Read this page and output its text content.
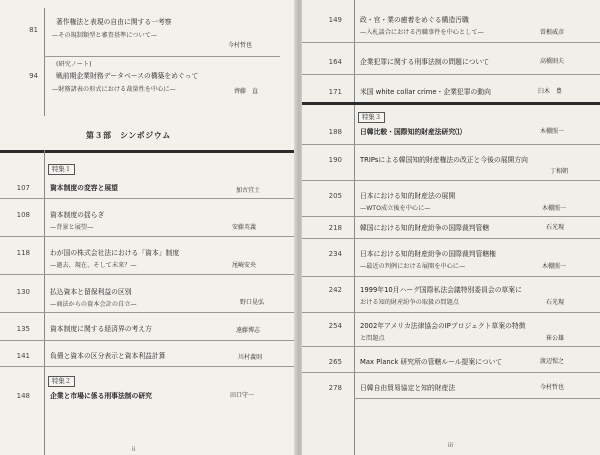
81
著作権法と表現の自由に関する一考察
—その規制類型と審査基準について—
今村哲也
(研究ノート)
94	戦前期企業財務データベースの構築をめぐって
—財務諸表の形式における裁量性を中心に—	齊藤　直
第３部　シンポジウム
特集１
107	資本制度の変容と展望	加古宜士
108	資本制度の揺らぎ
—背景と展望—	安藤英義
118	わが国の株式会社法における「資本」制度
—過去、現在、そして未来？—	尾崎安央
130	払込資本と留保利益の区別
—商法からの資本会計の自立—	野口晃弘
135	資本制度に関する経済界の考え方	遠藤博志
141	負債と資本の区分表示と資本利益計算	川村義則
特集２
148	企業と市場に係る刑事法制の研究	田口守一
ii
149	政・官・業の癒着をめぐる構造汚職
—入札談合における汚職事件を中心として—	曽根威彦
164	企業犯罪に関する刑事法制の問題について	高橋則夫
171	米国 white collar crime・企業犯罪の動向	臼木　豊
特集３
188	日韓比較・国際知的財産法研究⑴	木棚照一
190	TRIPsによる韓国知的財産権法の改正と今後の展開方向
丁相朝
205	日本における知的財産法の展開
—WTO成立後を中心に—	木棚照一
218	韓国における知的財産紛争の国際裁判管轄	石光現
234	日本における知的財産紛争の国際裁判管轄権
—最近の判例における展開を中心に—	木棚照一
242	1999年10月ハーグ国際私法会議特別委員会の草案に
おける知的財産紛争の取扱の問題点	石光現
254	2002年アメリカ法律協会のIPプロジェクト草案の特徴
と問題点	崔公雄
265	Max Planck 研究所の管轄ルール提案について	渡辺惺之
278	日韓自由貿易協定と知的財産法	今村哲也
iii
